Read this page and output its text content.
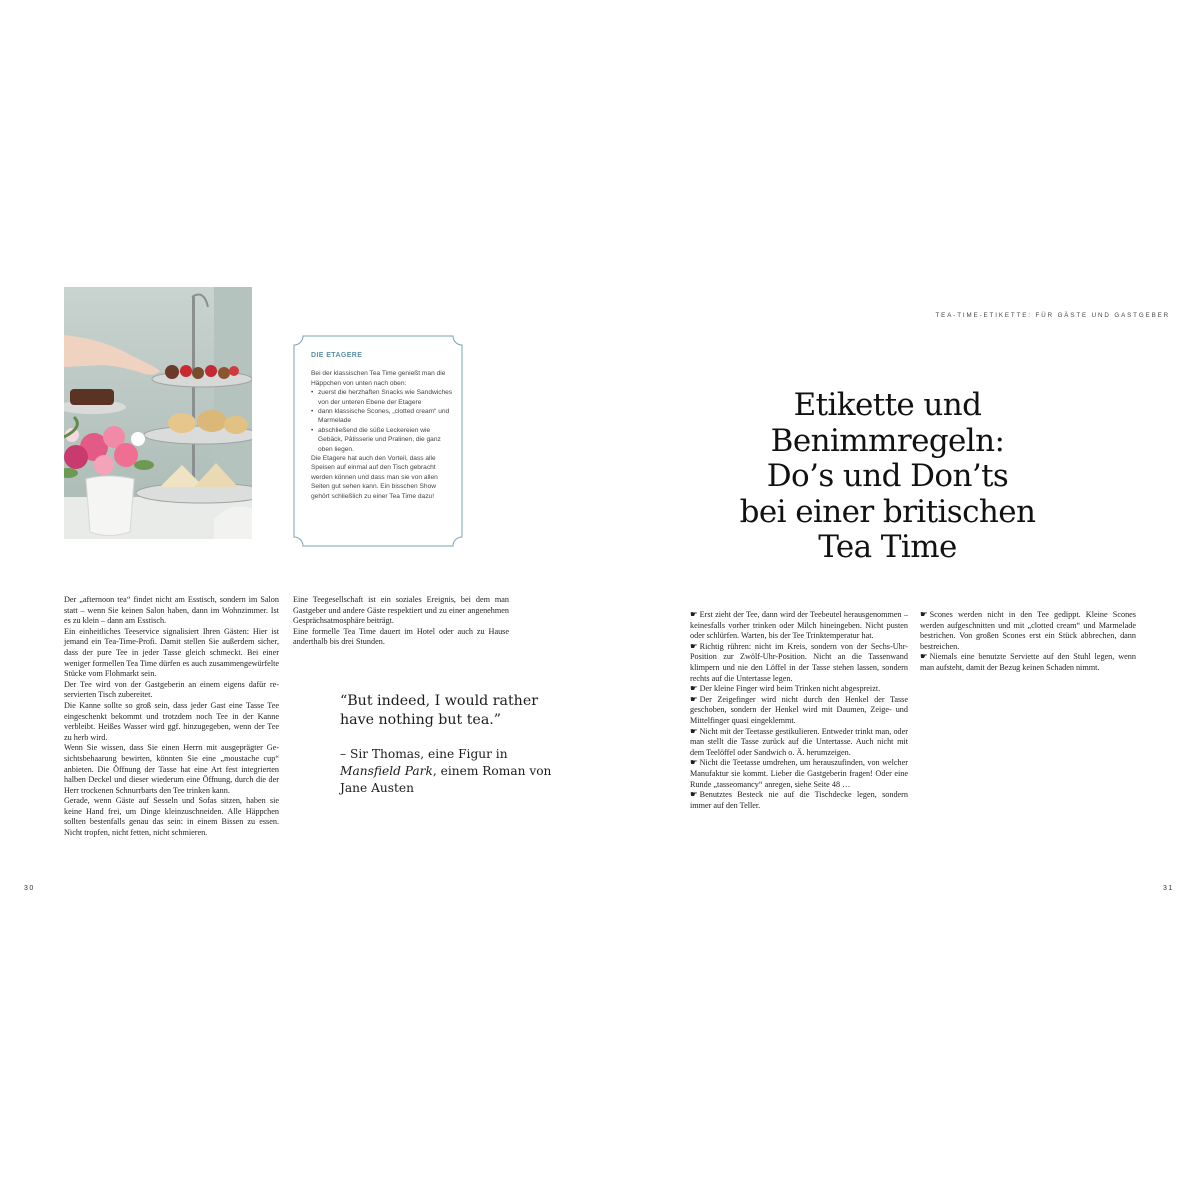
DIE ETAGERE

Bei der klassischen Tea Time genießt man die Häppchen von unten nach oben:

• zuerst die herzhaften Snacks wie Sandwiches von der unteren Ebene der Etagere
• dann klassische Scones, „clotted cream“ und Marmelade
• abschließend die süße Leckereien wie Gebäck, Pâtisserie und Pralinen, die ganz oben liegen.

Die Etagere hat auch den Vorteil, dass alle Speisen auf einmal auf den Tisch gebracht werden können und dass man sie von allen Seiten gut sehen kann. Ein bisschen Show gehört schließlich zu einer Tea Time dazu!

Der „afternoon tea“ findet nicht am Esstisch, sondern im Salon statt – wenn Sie keinen Salon haben, dann im Wohnzimmer. Ist es zu klein – dann am Esstisch.

Ein einheitliches Teeservice signalisiert Ihren Gästen: Hier ist jemand ein Tea-Time-Profi. Damit stellen Sie außerdem sicher, dass der pure Tee in jeder Tasse gleich schmeckt. Bei einer weniger formellen Tea Time dürfen es auch zusammengewürfelte Stücke vom Flohmarkt sein.

Der Tee wird von der Gastgeberin an einem eigens dafür reservierten Tisch zubereitet.

Die Kanne sollte so groß sein, dass jeder Gast eine Tasse Tee eingeschenkt bekommt und trotzdem noch Tee in der Kanne verbleibt. Heißes Wasser wird ggf. hinzugegeben, wenn der Tee zu herb wird.

Wenn Sie wissen, dass Sie einen Herrn mit ausgeprägter Gesichtsbehaarung bewirten, könnten Sie eine „moustache cup“ anbieten. Die Öffnung der Tasse hat eine Art fest integrierten halben Deckel und dieser wiederum eine Öffnung, durch die der Herr trockenen Schnurrbarts den Tee trinken kann.

Gerade, wenn Gäste auf Sesseln und Sofas sitzen, haben sie keine Hand frei, um Dinge kleinzuschneiden. Alle Häppchen sollten bestenfalls genau das sein: in einem Bissen zu essen. Nicht tropfen, nicht fetten, nicht schmieren.

Eine Teegesellschaft ist ein soziales Ereignis, bei dem man Gastgeber und andere Gäste respektiert und zu einer angenehmen Gesprächsatmosphäre beiträgt.

Eine formelle Tea Time dauert im Hotel oder auch zu Hause anderthalb bis drei Stunden.

“But indeed, I would rather have nothing but tea.”
– Sir Thomas, eine Figur in Mansfield Park, einem Roman von Jane Austen
30
TEA-TIME-ETIKETTE: FÜR GÄSTE UND GASTGEBER
Etikette und
Benimmregeln:
Do’s und Don’ts
bei einer britischen
Tea Time

☛ Erst zieht der Tee, dann wird der Teebeutel herausgenommen – keinesfalls vorher trinken oder Milch hineingeben. Nicht pusten oder schlürfen. Warten, bis der Tee Trinktemperatur hat.

☛ Richtig rühren: nicht im Kreis, sondern von der Sechs-Uhr-Position zur Zwölf-Uhr-Position. Nicht an die Tassenwand klimpern und nie den Löffel in der Tasse stehen lassen, sondern rechts auf die Untertasse legen.

☛ Der kleine Finger wird beim Trinken nicht abgespreizt.

☛ Der Zeigefinger wird nicht durch den Henkel der Tasse geschoben, sondern der Henkel wird mit Daumen, Zeige- und Mittelfinger quasi eingeklemmt.

☛ Nicht mit der Teetasse gestikulieren. Entweder trinkt man, oder man stellt die Tasse zurück auf die Untertasse. Auch nicht mit dem Teelöffel oder Sandwich o. Ä. herumzeigen.

☛ Nicht die Teetasse umdrehen, um herauszufinden, von welcher Manufaktur sie kommt. Lieber die Gastgeberin fragen! Oder eine Runde „tasseomancy“ anregen, siehe Seite 48 …

☛ Benutztes Besteck nie auf die Tischdecke legen, sondern immer auf den Teller.

☛ Scones werden nicht in den Tee gedippt. Kleine Scones werden aufgeschnitten und mit „clotted cream“ und Marmelade bestrichen. Von großen Scones erst ein Stück abbrechen, dann bestreichen.

☛ Niemals eine benutzte Serviette auf den Stuhl legen, wenn man aufsteht, damit der Bezug keinen Schaden nimmt.

31
